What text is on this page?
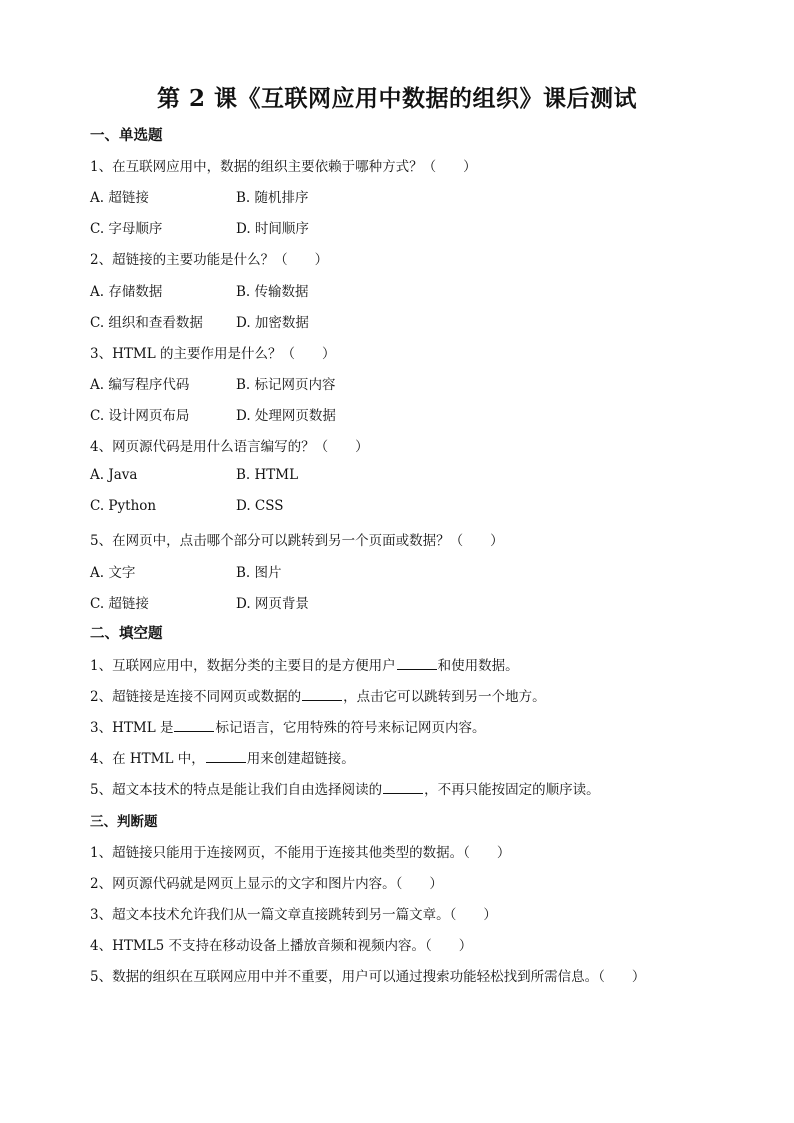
第 2 课《互联网应用中数据的组织》课后测试
一、单选题
1、在互联网应用中，数据的组织主要依赖于哪种方式？（　　）
A. 超链接	B. 随机排序
C. 字母顺序	D. 时间顺序
2、超链接的主要功能是什么？（　　）
A. 存储数据	B. 传输数据
C. 组织和查看数据 D. 加密数据
3、HTML 的主要作用是什么？（　　）
A. 编写程序代码	B. 标记网页内容
C. 设计网页布局	D. 处理网页数据
4、网页源代码是用什么语言编写的？（　　）
A. Java	B. HTML
C. Python	D. CSS
5、在网页中，点击哪个部分可以跳转到另一个页面或数据？（　　）
A. 文字	B. 图片
C. 超链接	D. 网页背景
二、填空题
1、互联网应用中，数据分类的主要目的是方便用户	和使用数据。
2、超链接是连接不同网页或数据的	，点击它可以跳转到另一个地方。
3、HTML 是	标记语言，它用特殊的符号来标记网页内容。
4、在 HTML 中，	用来创建超链接。
5、超文本技术的特点是能让我们自由选择阅读的	，不再只能按固定的顺序读。
三、判断题
1、超链接只能用于连接网页，不能用于连接其他类型的数据。（　　）
2、网页源代码就是网页上显示的文字和图片内容。（　　）
3、超文本技术允许我们从一篇文章直接跳转到另一篇文章。（　　）
4、HTML5 不支持在移动设备上播放音频和视频内容。（　　）
5、数据的组织在互联网应用中并不重要，用户可以通过搜索功能轻松找到所需信息。（　　）
